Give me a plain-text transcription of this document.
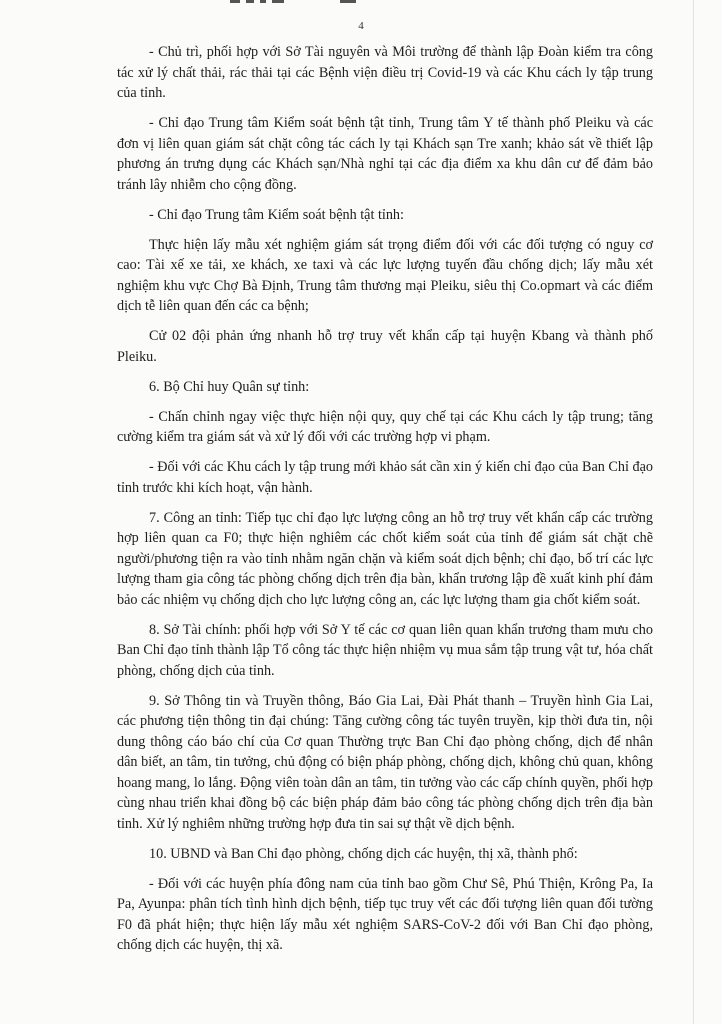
4

- Chủ trì, phối hợp với Sở Tài nguyên và Môi trường để thành lập Đoàn kiểm tra công tác xử lý chất thải, rác thải tại các Bệnh viện điều trị Covid-19 và các Khu cách ly tập trung của tỉnh.

- Chỉ đạo Trung tâm Kiểm soát bệnh tật tỉnh, Trung tâm Y tế thành phố Pleiku và các đơn vị liên quan giám sát chặt công tác cách ly tại Khách sạn Tre xanh; khảo sát về thiết lập phương án trưng dụng các Khách sạn/Nhà nghỉ tại các địa điểm xa khu dân cư để đảm bảo tránh lây nhiễm cho cộng đồng.

- Chỉ đạo Trung tâm Kiểm soát bệnh tật tỉnh:

Thực hiện lấy mẫu xét nghiệm giám sát trọng điểm đối với các đối tượng có nguy cơ cao: Tài xế xe tải, xe khách, xe taxi và các lực lượng tuyến đầu chống dịch; lấy mẫu xét nghiệm khu vực Chợ Bà Định, Trung tâm thương mại Pleiku, siêu thị Co.opmart và các điểm dịch tễ liên quan đến các ca bệnh;

Cử 02 đội phản ứng nhanh hỗ trợ truy vết khẩn cấp tại huyện Kbang và thành phố Pleiku.

6. Bộ Chỉ huy Quân sự tỉnh:

- Chấn chỉnh ngay việc thực hiện nội quy, quy chế tại các Khu cách ly tập trung; tăng cường kiểm tra giám sát và xử lý đối với các trường hợp vi phạm.

- Đối với các Khu cách ly tập trung mới khảo sát cần xin ý kiến chỉ đạo của Ban Chỉ đạo tỉnh trước khi kích hoạt, vận hành.

7. Công an tỉnh: Tiếp tục chỉ đạo lực lượng công an hỗ trợ truy vết khẩn cấp các trường hợp liên quan ca F0; thực hiện nghiêm các chốt kiểm soát của tỉnh để giám sát chặt chẽ người/phương tiện ra vào tỉnh nhằm ngăn chặn và kiểm soát dịch bệnh; chỉ đạo, bố trí các lực lượng tham gia công tác phòng chống dịch trên địa bàn, khẩn trương lập đề xuất kinh phí đảm bảo các nhiệm vụ chống dịch cho lực lượng công an, các lực lượng tham gia chốt kiểm soát.

8. Sở Tài chính: phối hợp với Sở Y tế các cơ quan liên quan khẩn trương tham mưu cho Ban Chỉ đạo tỉnh thành lập Tổ công tác thực hiện nhiệm vụ mua sắm tập trung vật tư, hóa chất phòng, chống dịch của tỉnh.

9. Sở Thông tin và Truyền thông, Báo Gia Lai, Đài Phát thanh – Truyền hình Gia Lai, các phương tiện thông tin đại chúng: Tăng cường công tác tuyên truyền, kịp thời đưa tin, nội dung thông cáo báo chí của Cơ quan Thường trực Ban Chỉ đạo phòng chống, dịch để nhân dân biết, an tâm, tin tưởng, chủ động có biện pháp phòng, chống dịch, không chủ quan, không hoang mang, lo lắng. Động viên toàn dân an tâm, tin tưởng vào các cấp chính quyền, phối hợp cùng nhau triển khai đồng bộ các biện pháp đảm bảo công tác phòng chống dịch trên địa bàn tỉnh. Xử lý nghiêm những trường hợp đưa tin sai sự thật về dịch bệnh.

10. UBND và Ban Chỉ đạo phòng, chống dịch các huyện, thị xã, thành phố:

- Đối với các huyện phía đông nam của tỉnh bao gồm Chư Sê, Phú Thiện, Krông Pa, Ia Pa, Ayunpa: phân tích tình hình dịch bệnh, tiếp tục truy vết các đối tượng liên quan đối tường F0 đã phát hiện; thực hiện lấy mẫu xét nghiệm SARS-CoV-2 đối với Ban Chỉ đạo phòng, chống dịch các huyện, thị xã.
